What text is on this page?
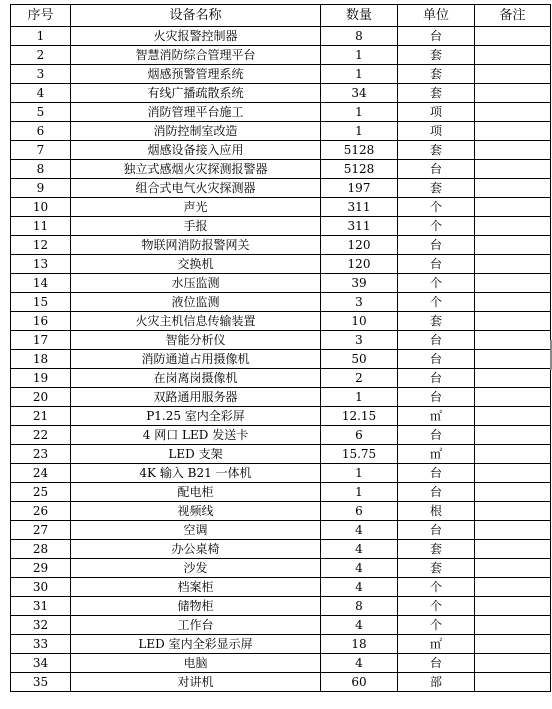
序号	设备名称	数量	单位	备注
1	火灾报警控制器	8	台	
2	智慧消防综合管理平台	1	套	
3	烟感预警管理系统	1	套	
4	有线广播疏散系统	34	套	
5	消防管理平台施工	1	项	
6	消防控制室改造	1	项	
7	烟感设备接入应用	5128	套	
8	独立式感烟火灾探测报警器	5128	台	
9	组合式电气火灾探测器	197	套	
10	声光	311	个	
11	手报	311	个	
12	物联网消防报警网关	120	台	
13	交换机	120	台	
14	水压监测	39	个	
15	液位监测	3	个	
16	火灾主机信息传输装置	10	套	
17	智能分析仪	3	台	
18	消防通道占用摄像机	50	台	
19	在岗离岗摄像机	2	台	
20	双路通用服务器	1	台	
21	P1.25 室内全彩屏	12.15	㎡	
22	4 网口 LED 发送卡	6	台	
23	LED 支架	15.75	㎡	
24	4K 输入 B21 一体机	1	台	
25	配电柜	1	台	
26	视频线	6	根	
27	空调	4	台	
28	办公桌椅	4	套	
29	沙发	4	套	
30	档案柜	4	个	
31	储物柜	8	个	
32	工作台	4	个	
33	LED 室内全彩显示屏	18	㎡	
34	电脑	4	台	
35	对讲机	60	部	
